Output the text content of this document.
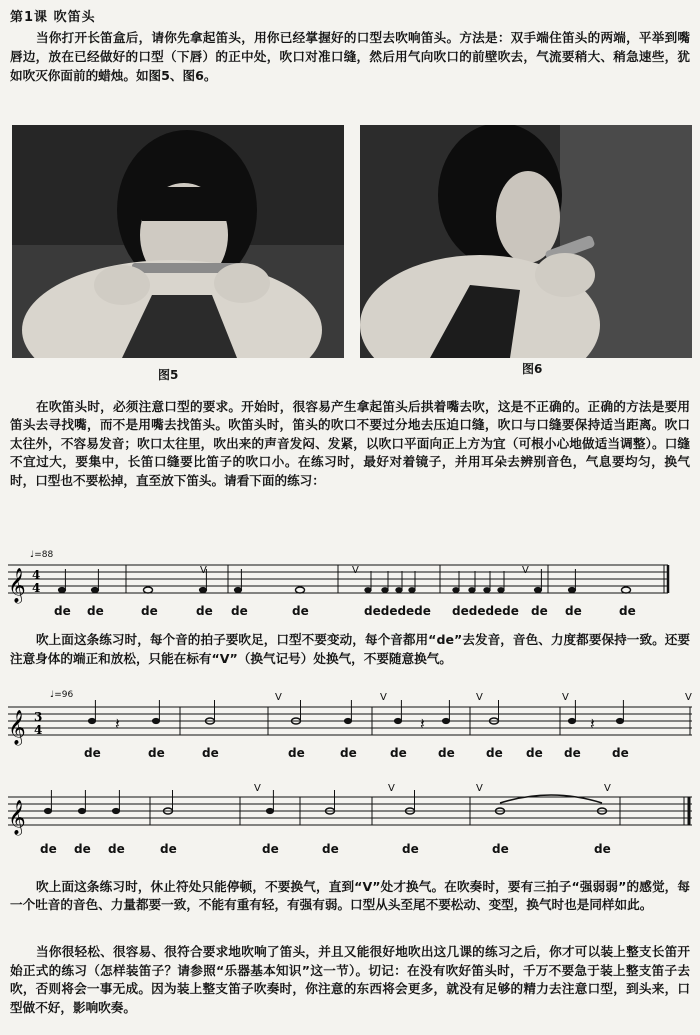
第1课 吹笛头
当你打开长笛盒后，请你先拿起笛头，用你已经掌握好的口型去吹响笛头。方法是：双手端住笛头的两端，平举到嘴唇边，放在已经做好的口型（下唇）的正中处，吹口对准口缝，然后用气向吹口的前壁吹去，气流要稍大、稍急速些，犹如吹灭你面前的蜡烛。如图5、图6。
图5	图6
在吹笛头时，必须注意口型的要求。开始时，很容易产生拿起笛头后拱着嘴去吹，这是不正确的。正确的方法是要用笛头去寻找嘴，而不是用嘴去找笛头。吹笛头时，笛头的吹口不要过分地去压迫口缝，吹口与口缝要保持适当距离。吹口太往外，不容易发音；吹口太往里，吹出来的声音发闷、发紧，以吹口平面向正上方为宜（可根小心地做适当调整）。口缝不宜过大，要集中，长笛口缝要比笛子的吹口小。在练习时，最好对着镜子，并用耳朵去辨别音色，气息要均匀，换气时，口型也不要松掉，直至放下笛头。请看下面的练习：
♩=88
𝄞 4
4
V	V	V
de de	de	de de	de	dededede dededede de de	de
吹上面这条练习时，每个音的拍子要吹足，口型不要变动，每个音都用“de”去发音，音色、力度都要保持一致。还要注意身体的端正和放松，只能在标有“V”（换气记号）处换气，不要随意换气。
♩=96
𝄞 3
4	𝄽
V	V
𝄽
V	V
𝄽
V
de	de	de	de	de	de	de	de de de	de
𝄞
V	V	V	V
de de de	de	de	de	de	de	de
吹上面这条练习时，休止符处只能停顿，不要换气，直到“V”处才换气。在吹奏时，要有三拍子“强弱弱”的感觉，每一个吐音的音色、力量都要一致，不能有重有轻，有强有弱。口型从头至尾不要松动、变型，换气时也是同样如此。
当你很轻松、很容易、很符合要求地吹响了笛头，并且又能很好地吹出这几课的练习之后，你才可以装上整支长笛开始正式的练习（怎样装笛子？请参照“乐器基本知识”这一节）。切记：在没有吹好笛头时，千万不要急于装上整支笛子去吹，否则将会一事无成。因为装上整支笛子吹奏时，你注意的东西将会更多，就没有足够的精力去注意口型，到头来，口型做不好，影响吹奏。
